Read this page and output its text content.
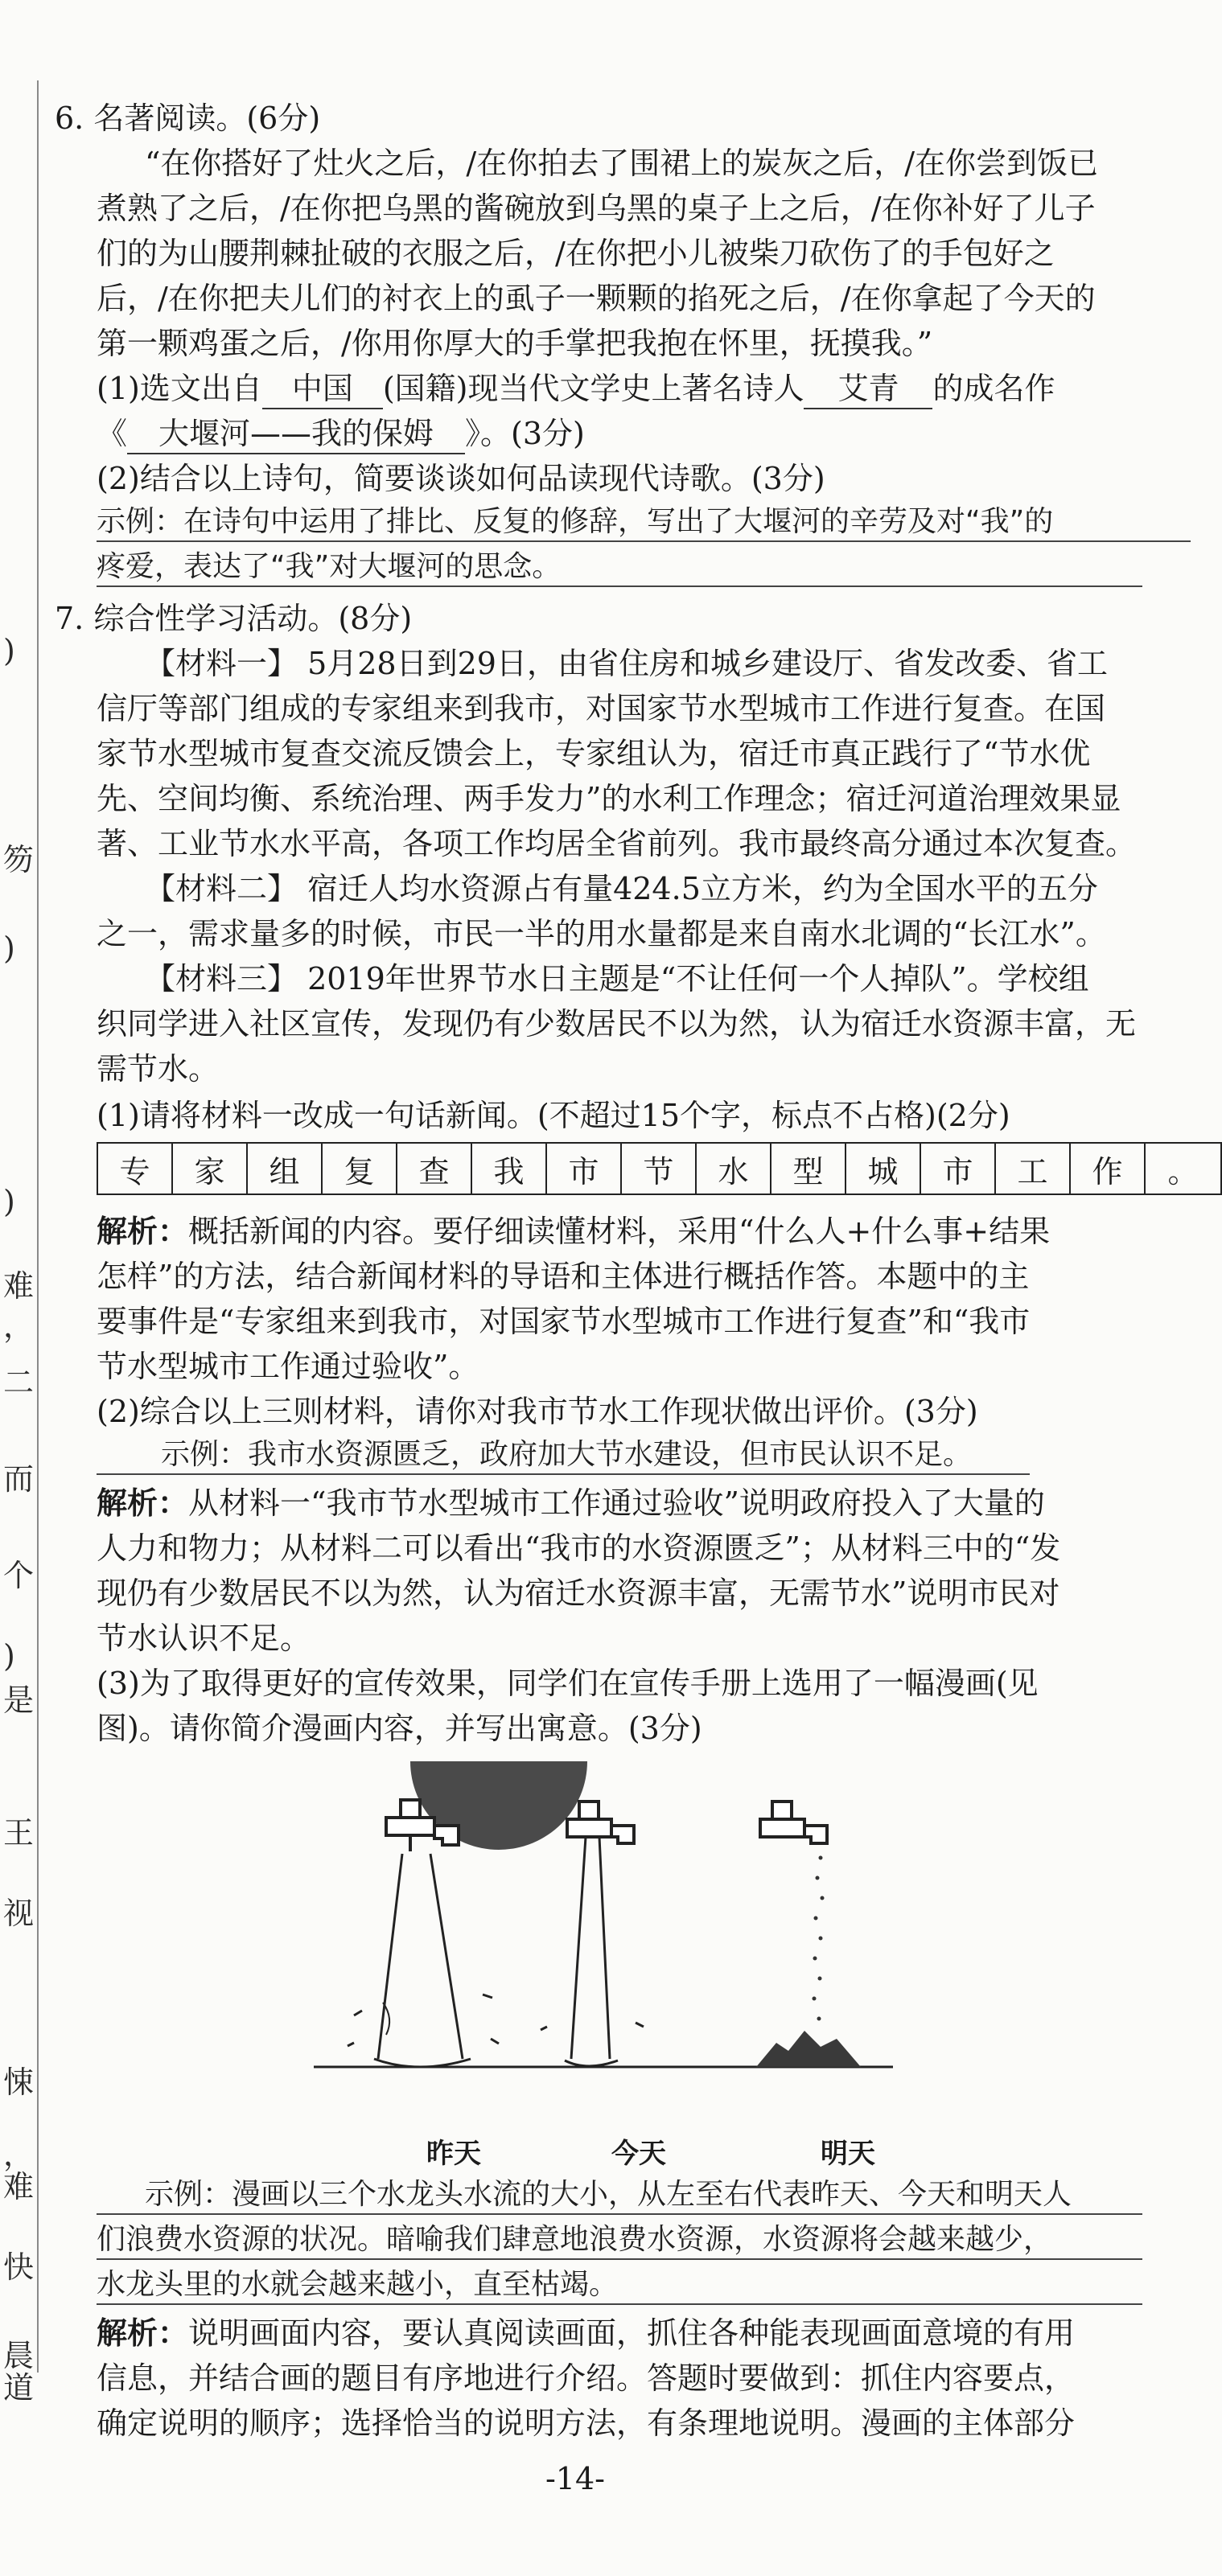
)
笏
)
)
难
，
二
而
个
)
是
王
视
悚
，
难
快
晨
道
6. 名著阅读。(6分)
“在你搭好了灶火之后，/在你拍去了围裙上的炭灰之后，/在你尝到饭已
煮熟了之后，/在你把乌黑的酱碗放到乌黑的桌子上之后，/在你补好了儿子
们的为山腰荆棘扯破的衣服之后，/在你把小儿被柴刀砍伤了的手包好之
后，/在你把夫儿们的衬衣上的虱子一颗颗的掐死之后，/在你拿起了今天的
第一颗鸡蛋之后，/你用你厚大的手掌把我抱在怀里，抚摸我。”
(1)选文出自 中国 (国籍)现当代文学史上著名诗人 艾青 的成名作
《 大堰河——我的保姆 》。(3分)
(2)结合以上诗句，简要谈谈如何品读现代诗歌。(3分)
示例：在诗句中运用了排比、反复的修辞，写出了大堰河的辛劳及对“我”的
疼爱，表达了“我”对大堰河的思念。
7. 综合性学习活动。(8分)
【材料一】 5月28日到29日，由省住房和城乡建设厅、省发改委、省工
信厅等部门组成的专家组来到我市，对国家节水型城市工作进行复查。在国
家节水型城市复查交流反馈会上，专家组认为，宿迁市真正践行了“节水优
先、空间均衡、系统治理、两手发力”的水利工作理念；宿迁河道治理效果显
著、工业节水水平高，各项工作均居全省前列。我市最终高分通过本次复查。
【材料二】 宿迁人均水资源占有量424.5立方米，约为全国水平的五分
之一，需求量多的时候，市民一半的用水量都是来自南水北调的“长江水”。
【材料三】 2019年世界节水日主题是“不让任何一个人掉队”。学校组
织同学进入社区宣传，发现仍有少数居民不以为然，认为宿迁水资源丰富，无
需节水。
(1)请将材料一改成一句话新闻。(不超过15个字，标点不占格)(2分)
专	家	组	复	查	我	市	节	水	型	城	市	工	作	。
解析：概括新闻的内容。要仔细读懂材料，采用“什么人+什么事+结果
怎样”的方法，结合新闻材料的导语和主体进行概括作答。本题中的主
要事件是“专家组来到我市，对国家节水型城市工作进行复查”和“我市
节水型城市工作通过验收”。
(2)综合以上三则材料，请你对我市节水工作现状做出评价。(3分)
示例：我市水资源匮乏，政府加大节水建设，但市民认识不足。
解析：从材料一“我市节水型城市工作通过验收”说明政府投入了大量的
人力和物力；从材料二可以看出“我市的水资源匮乏”；从材料三中的“发
现仍有少数居民不以为然，认为宿迁水资源丰富，无需节水”说明市民对
节水认识不足。
(3)为了取得更好的宣传效果，同学们在宣传手册上选用了一幅漫画(见
图)。请你简介漫画内容，并写出寓意。(3分)
昨天	今天	明天
示例：漫画以三个水龙头水流的大小，从左至右代表昨天、今天和明天人
们浪费水资源的状况。暗喻我们肆意地浪费水资源，水资源将会越来越少，
水龙头里的水就会越来越小，直至枯竭。
解析：说明画面内容，要认真阅读画面，抓住各种能表现画面意境的有用
信息，并结合画的题目有序地进行介绍。答题时要做到：抓住内容要点，
确定说明的顺序；选择恰当的说明方法，有条理地说明。漫画的主体部分
-14-
